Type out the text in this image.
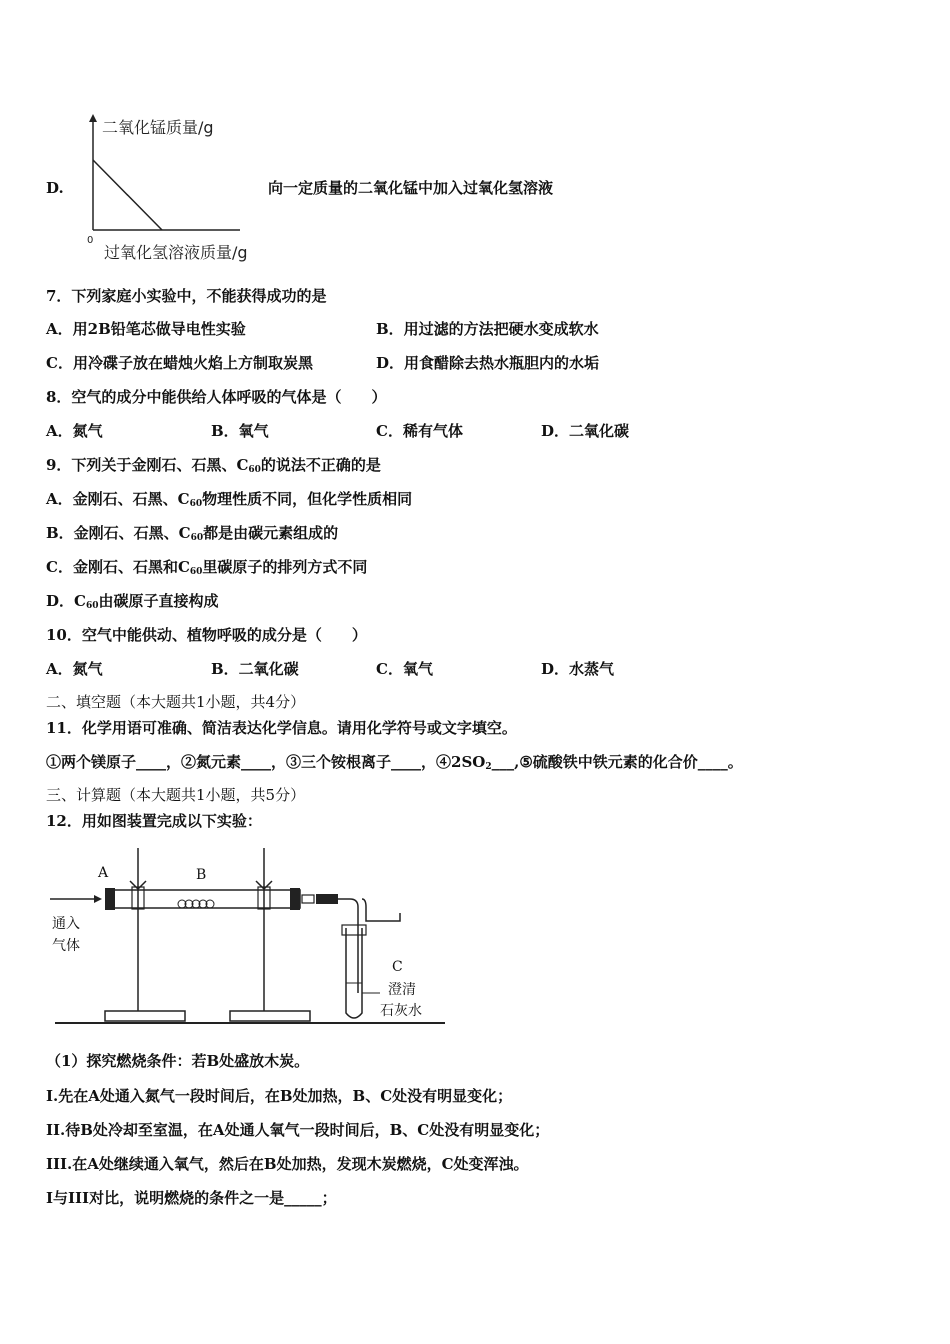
D.
二氧化锰质量/g
0
过氧化氢溶液质量/g
向一定质量的二氧化锰中加入过氧化氢溶液
7．下列家庭小实验中，不能获得成功的是
A．用2B铅笔芯做导电性实验	B．用过滤的方法把硬水变成软水
C．用冷碟子放在蜡烛火焰上方制取炭黑	D．用食醋除去热水瓶胆内的水垢
8．空气的成分中能供给人体呼吸的气体是（　　）
A．氮气	B．氧气	C．稀有气体	D．二氧化碳
9．下列关于金刚石、石黑、$C_{60}$的说法不正确的是
A．金刚石、石黑、$C_{60}$物理性质不同，但化学性质相同
B．金刚石、石黑、$C_{60}$都是由碳元素组成的
C．金刚石、石黑和$C_{60}$里碳原子的排列方式不同
D．$C_{60}$由碳原子直接构成
10．空气中能供动、植物呼吸的成分是（　　）
A．氮气	B．二氧化碳	C．氧气	D．水蒸气
二、填空题（本大题共1小题，共4分）
11．化学用语可准确、简洁表达化学信息。请用化学符号或文字填空。
①两个镁原子____，②氮元素____，③三个铵根离子____，$④2SO_2\_\_\_,⑤$硫酸铁中铁元素的化合价____。
三、计算题（本大题共1小题，共5分）
12．用如图装置完成以下实验：
A	B
C
通入
气体
澄清
石灰水
（1）探究燃烧条件：若B处盛放木炭。
I.先在A处通入氮气一段时间后，在B处加热，B、C处没有明显变化；
II.待B处冷却至室温，在A处通人氧气一段时间后，B、C处没有明显变化；
III.在A处继续通入氧气，然后在B处加热，发现木炭燃烧，C处变浑浊。
I与III对比，说明燃烧的条件之一是_____；
